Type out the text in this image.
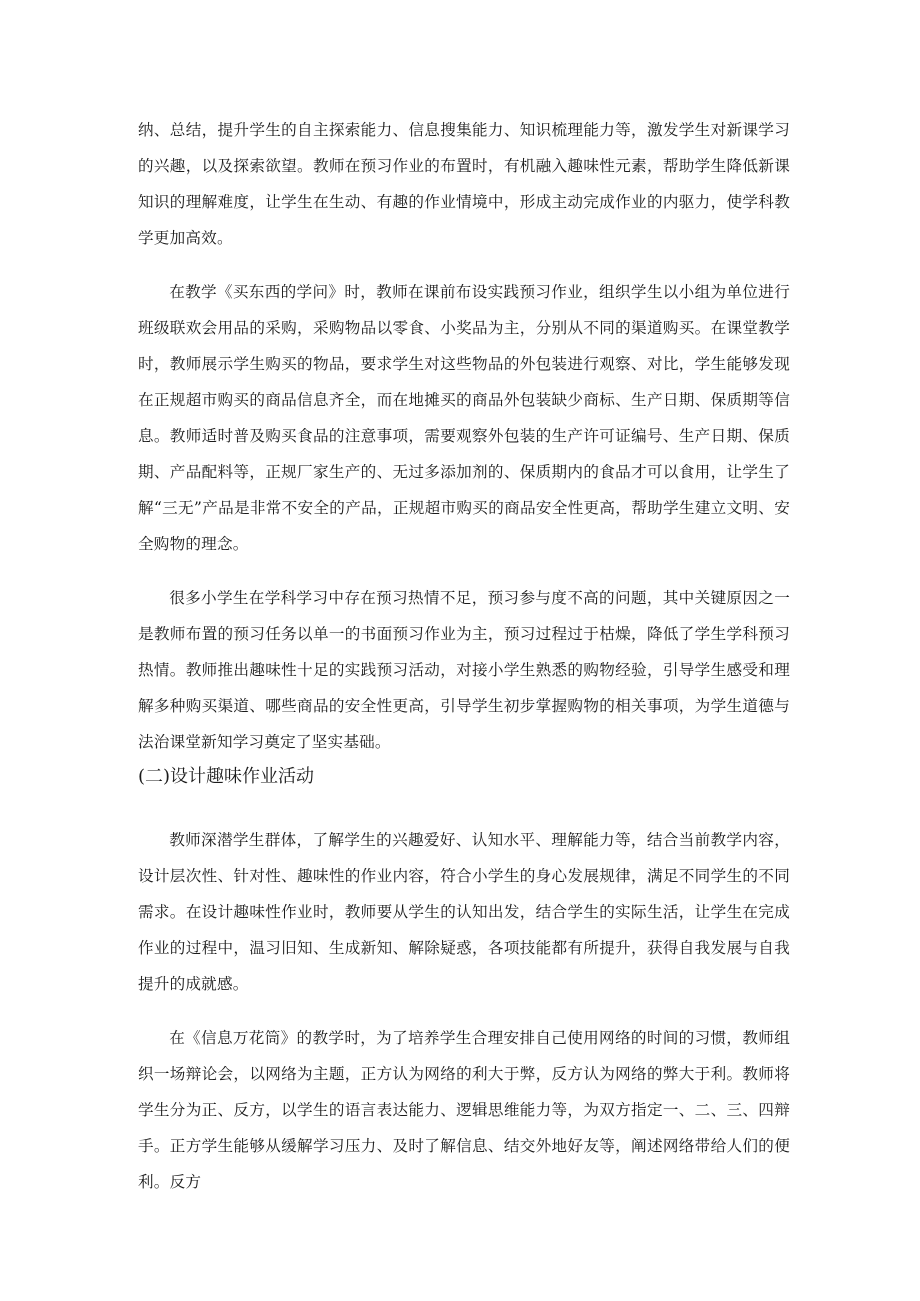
纳、总结，提升学生的自主探索能力、信息搜集能力、知识梳理能力等，激发学生对新课学习的兴趣，以及探索欲望。教师在预习作业的布置时，有机融入趣味性元素，帮助学生降低新课知识的理解难度，让学生在生动、有趣的作业情境中，形成主动完成作业的内驱力，使学科教学更加高效。

在教学《买东西的学问》时，教师在课前布设实践预习作业，组织学生以小组为单位进行班级联欢会用品的采购，采购物品以零食、小奖品为主，分别从不同的渠道购买。在课堂教学时，教师展示学生购买的物品，要求学生对这些物品的外包装进行观察、对比，学生能够发现在正规超市购买的商品信息齐全，而在地摊买的商品外包装缺少商标、生产日期、保质期等信息。教师适时普及购买食品的注意事项，需要观察外包装的生产许可证编号、生产日期、保质期、产品配料等，正规厂家生产的、无过多添加剂的、保质期内的食品才可以食用，让学生了解“三无”产品是非常不安全的产品，正规超市购买的商品安全性更高，帮助学生建立文明、安全购物的理念。

很多小学生在学科学习中存在预习热情不足，预习参与度不高的问题，其中关键原因之一是教师布置的预习任务以单一的书面预习作业为主，预习过程过于枯燥，降低了学生学科预习热情。教师推出趣味性十足的实践预习活动，对接小学生熟悉的购物经验，引导学生感受和理解多种购买渠道、哪些商品的安全性更高，引导学生初步掌握购物的相关事项，为学生道德与法治课堂新知学习奠定了坚实基础。

(二)设计趣味作业活动

教师深潜学生群体，了解学生的兴趣爱好、认知水平、理解能力等，结合当前教学内容，设计层次性、针对性、趣味性的作业内容，符合小学生的身心发展规律，满足不同学生的不同需求。在设计趣味性作业时，教师要从学生的认知出发，结合学生的实际生活，让学生在完成作业的过程中，温习旧知、生成新知、解除疑惑，各项技能都有所提升，获得自我发展与自我提升的成就感。

在《信息万花筒》的教学时，为了培养学生合理安排自己使用网络的时间的习惯，教师组织一场辩论会，以网络为主题，正方认为网络的利大于弊，反方认为网络的弊大于利。教师将学生分为正、反方，以学生的语言表达能力、逻辑思维能力等，为双方指定一、二、三、四辩手。正方学生能够从缓解学习压力、及时了解信息、结交外地好友等，阐述网络带给人们的便利。反方
